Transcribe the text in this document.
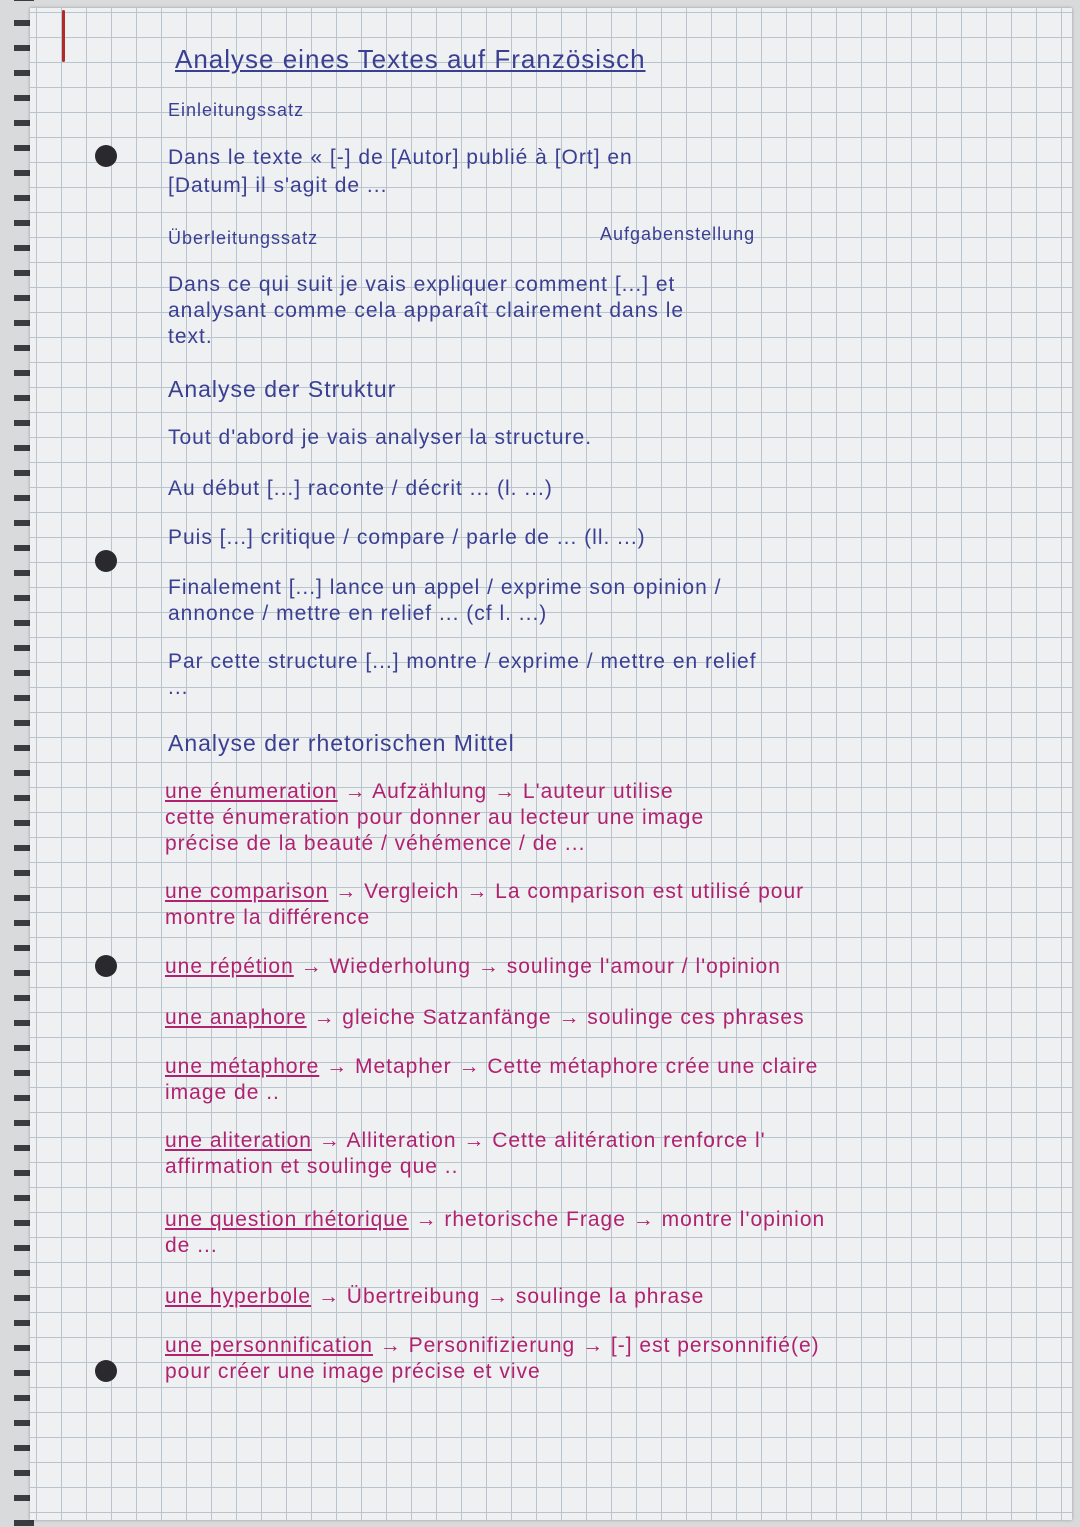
Analyse eines Textes auf Französisch
Einleitungssatz
Dans le texte « [-] de [Autor] publié à [Ort] en
[Datum] il s'agit de ...
Überleitungssatz	Aufgabenstellung
Dans ce qui suit je vais expliquer comment [...] et
analysant comme cela apparaît clairement dans le
text.
Analyse der Struktur
Tout d'abord je vais analyser la structure.
Au début [...] raconte / décrit ... (l. ...)
Puis [...] critique / compare / parle de ... (ll. ...)
Finalement [...] lance un appel / exprime son opinion /
annonce / mettre en relief ... (cf l. ...)
Par cette structure [...] montre / exprime / mettre en relief
...
Analyse der rhetorischen Mittel
une énumeration → Aufzählung → L'auteur utilise
cette énumeration pour donner au lecteur une image
précise de la beauté / véhémence / de ...
une comparison → Vergleich → La comparison est utilisé pour
montre la différence
une répétion → Wiederholung → soulinge l'amour / l'opinion
une anaphore → gleiche Satzanfänge → soulinge ces phrases
une métaphore → Metapher → Cette métaphore crée une claire
image de ..
une aliteration → Alliteration → Cette alitération renforce l'
affirmation et soulinge que ..
une question rhétorique → rhetorische Frage → montre l'opinion
de ...
une hyperbole → Übertreibung → soulinge la phrase
une personnification → Personifizierung → [-] est personnifié(e)
pour créer une image précise et vive
